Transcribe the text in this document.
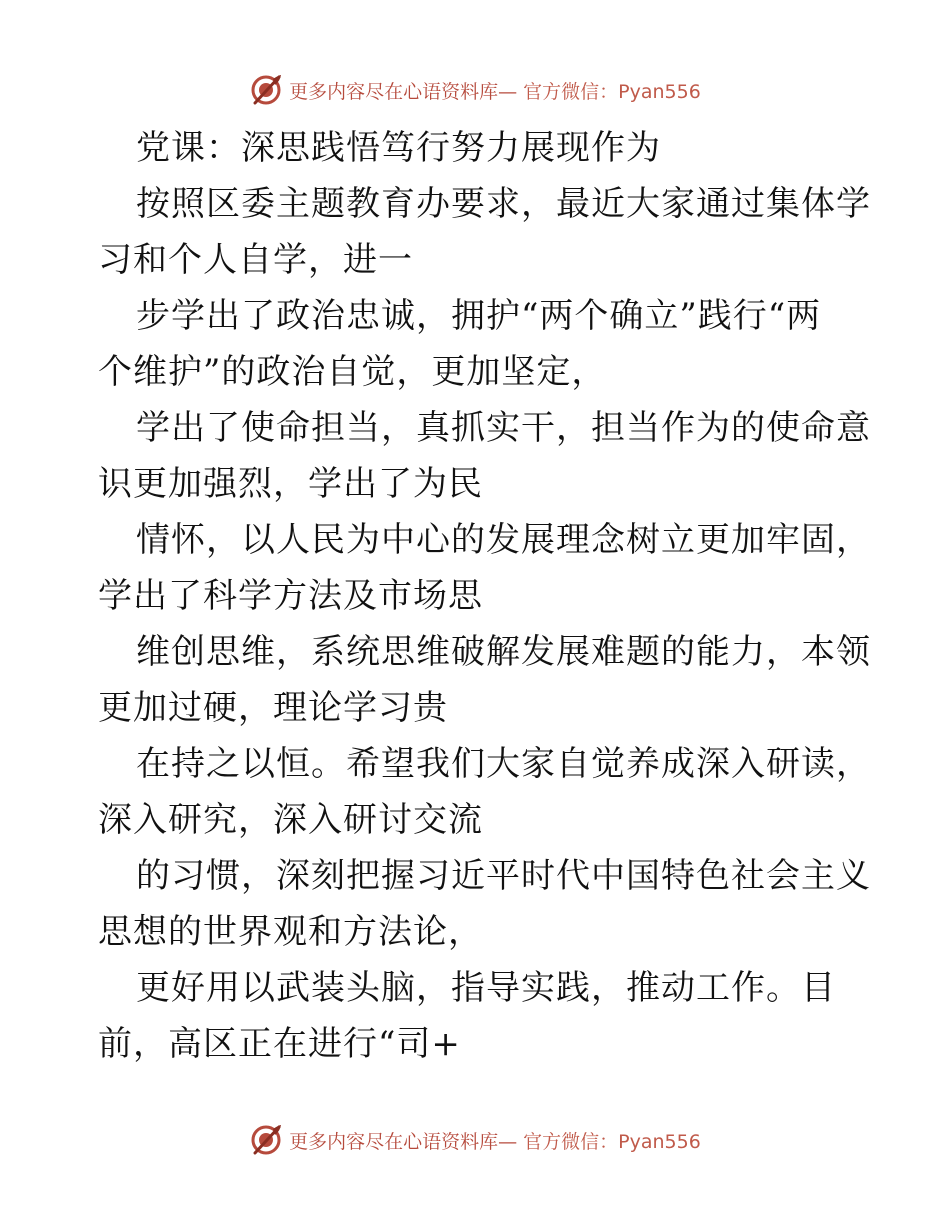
更多内容尽在心语资料库— 官方微信：Pyan556
党课：深思践悟笃行努力展现作为
按照区委主题教育办要求，最近大家通过集体学
习和个人自学，进一
步学出了政治忠诚，拥护“两个确立”践行“两
个维护”的政治自觉，更加坚定，
学出了使命担当，真抓实干，担当作为的使命意
识更加强烈，学出了为民
情怀，以人民为中心的发展理念树立更加牢固，
学出了科学方法及市场思
维创思维，系统思维破解发展难题的能力，本领
更加过硬，理论学习贵
在持之以恒。希望我们大家自觉养成深入研读，
深入研究，深入研讨交流
的习惯，深刻把握习近平时代中国特色社会主义
思想的世界观和方法论，
更好用以武装头脑，指导实践，推动工作。目
前，高区正在进行“司+
更多内容尽在心语资料库— 官方微信：Pyan556
